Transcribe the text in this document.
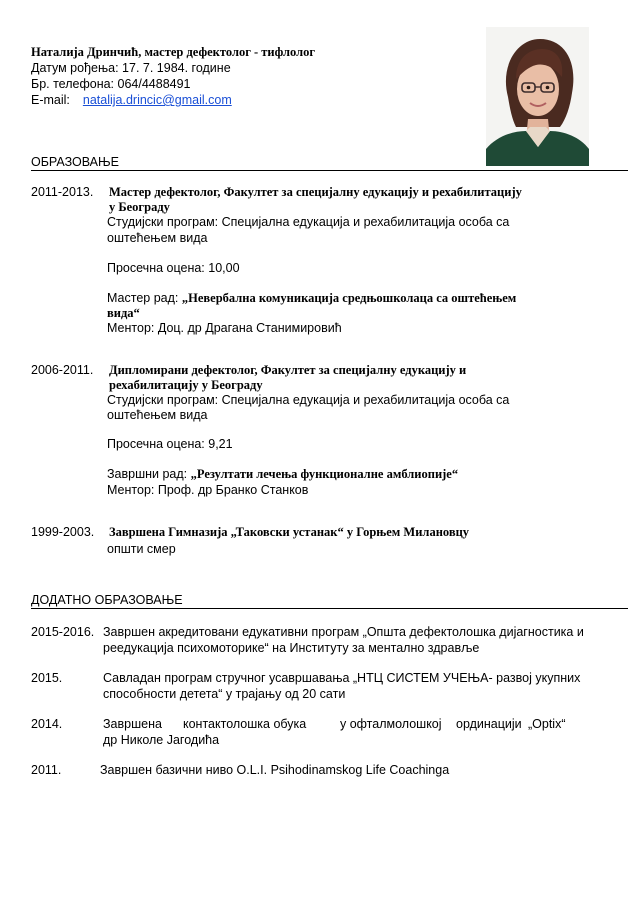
Наталија Дринчић, мастер дефектолог - тифлолог
Датум рођења: 17. 7. 1984. године
Бр. телефона: 064/4488491
E-mail: natalija.drincic@gmail.com
ОБРАЗОВАЊЕ
2011-2013. Мастер дефектолог, Факултет за специјалну едукацију и рехабилитацију
у Београду
Студијски програм: Специјална едукација и рехабилитација особа са
оштећењем вида
Просечна оцена: 10,00
Мастер рад: „Невербална комуникација средњошколаца са оштећењем
вида“
Ментор: Доц. др Драгана Станимировић
2006-2011. Дипломирани дефектолог, Факултет за специјалну едукацију и
рехабилитацију у Београду
Студијски програм: Специјална едукација и рехабилитација особа са
оштећењем вида
Просечна оцена: 9,21
Завршни рад: „Резултати лечења функционалне амблиопије“
Ментор: Проф. др Бранко Станков
1999-2003. Завршена Гимназија „Таковски устанак“ у Горњем Милановцу
општи смер
ДОДАТНО ОБРАЗОВАЊЕ
2015-2016. Завршен акредитовани едукативни програм „Општа дефектолошка дијагностика и
реедукација психомоторике“ на Институту за ментално здравље
2015.	Савладан програм стручног усавршавања „НТЦ СИСТЕМ УЧЕЊА- развој укупних
способности детета“ у трајању од 20 сати
2014.	Завршена контактолошка обука	у офталмолошкој ординацији „Optix“
др Николе Јагодића
2011.	Завршен базични ниво O.L.I. Psihodinamskog Life Coachinga
